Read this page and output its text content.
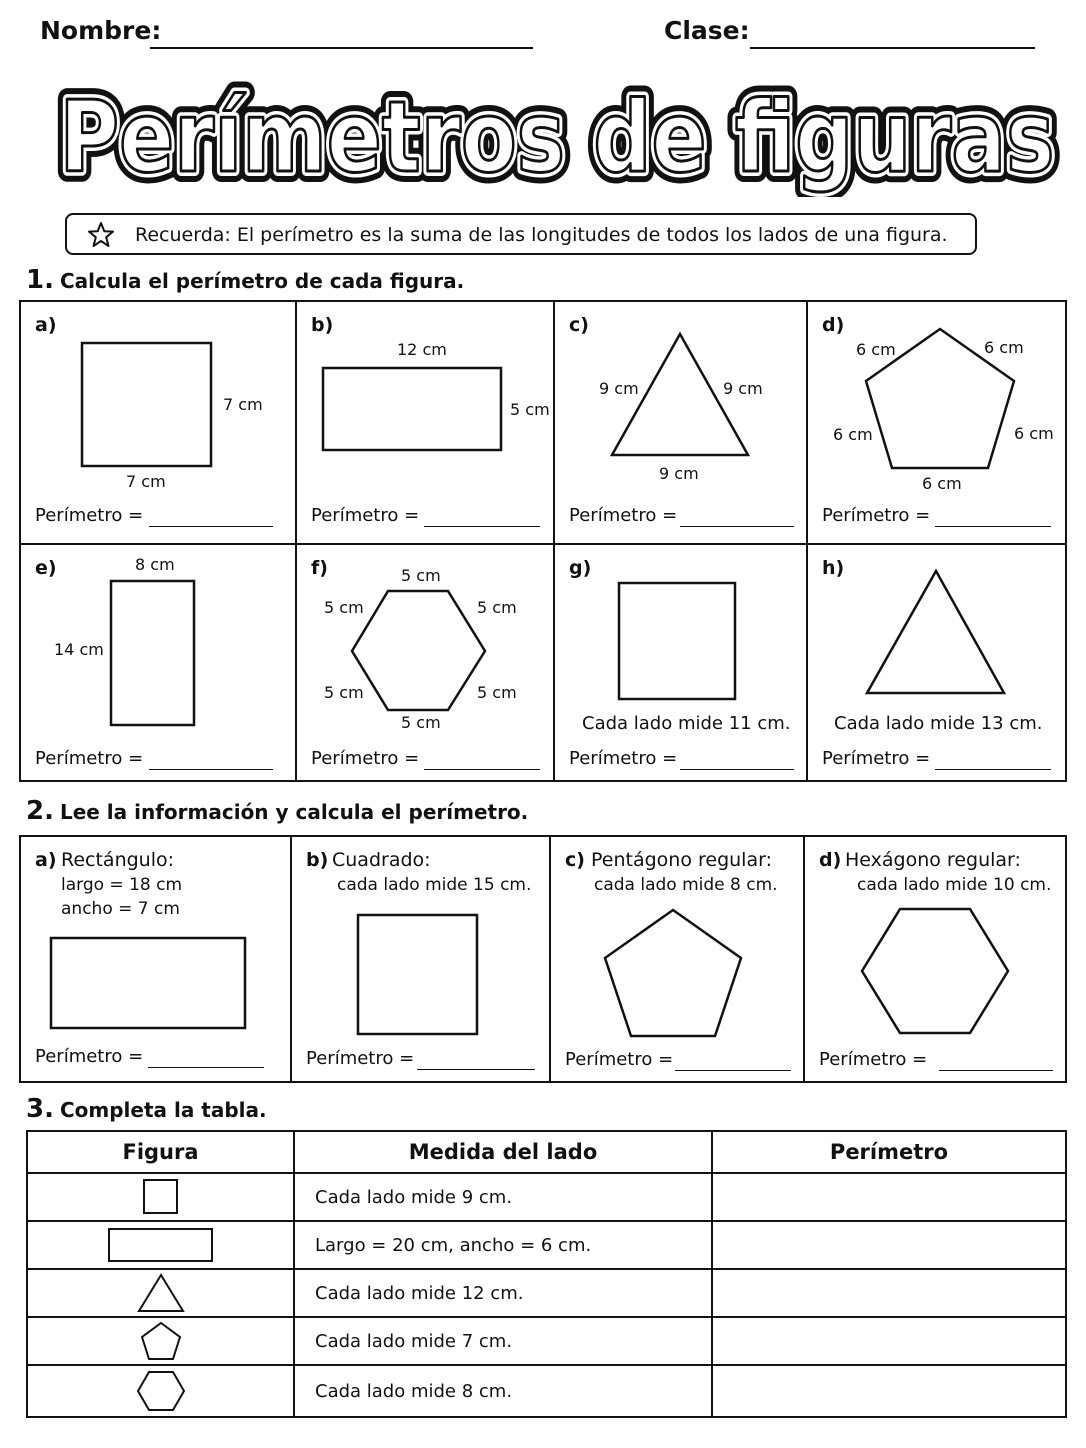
Nombre:	Clase:
Perímetros de figuras
Perímetros de figuras
Perímetros de figuras
Recuerda: El perímetro es la suma de las longitudes de todos los lados de una figura.
1. Calcula el perímetro de cada figura.
a)
7 cm
7 cm
Perímetro =
b)
12 cm
5 cm
Perímetro =
c)
9 cm	9 cm
9 cm
Perímetro =
d)
6 cm	6 cm
6 cm	6 cm
6 cm
Perímetro =
e)	8 cm
14 cm
Perímetro =
f)	5 cm
5 cm	5 cm
5 cm	5 cm
5 cm
Perímetro =
g)
Cada lado mide 11 cm.
Perímetro =
h)
Cada lado mide 13 cm.
Perímetro =
2. Lee la información y calcula el perímetro.
a) Rectángulo:
largo = 18 cm
ancho = 7 cm
Perímetro =
b) Cuadrado:
cada lado mide 15 cm.
Perímetro =
c) Pentágono regular:
cada lado mide 8 cm.
Perímetro =
d) Hexágono regular:
cada lado mide 10 cm.
Perímetro =
3. Completa la tabla.
Figura	Medida del lado	Perímetro

	Cada lado mide 9 cm.	

	Largo = 20 cm, ancho = 6 cm.	

	Cada lado mide 12 cm.	

	Cada lado mide 7 cm.	

	Cada lado mide 8 cm.	
